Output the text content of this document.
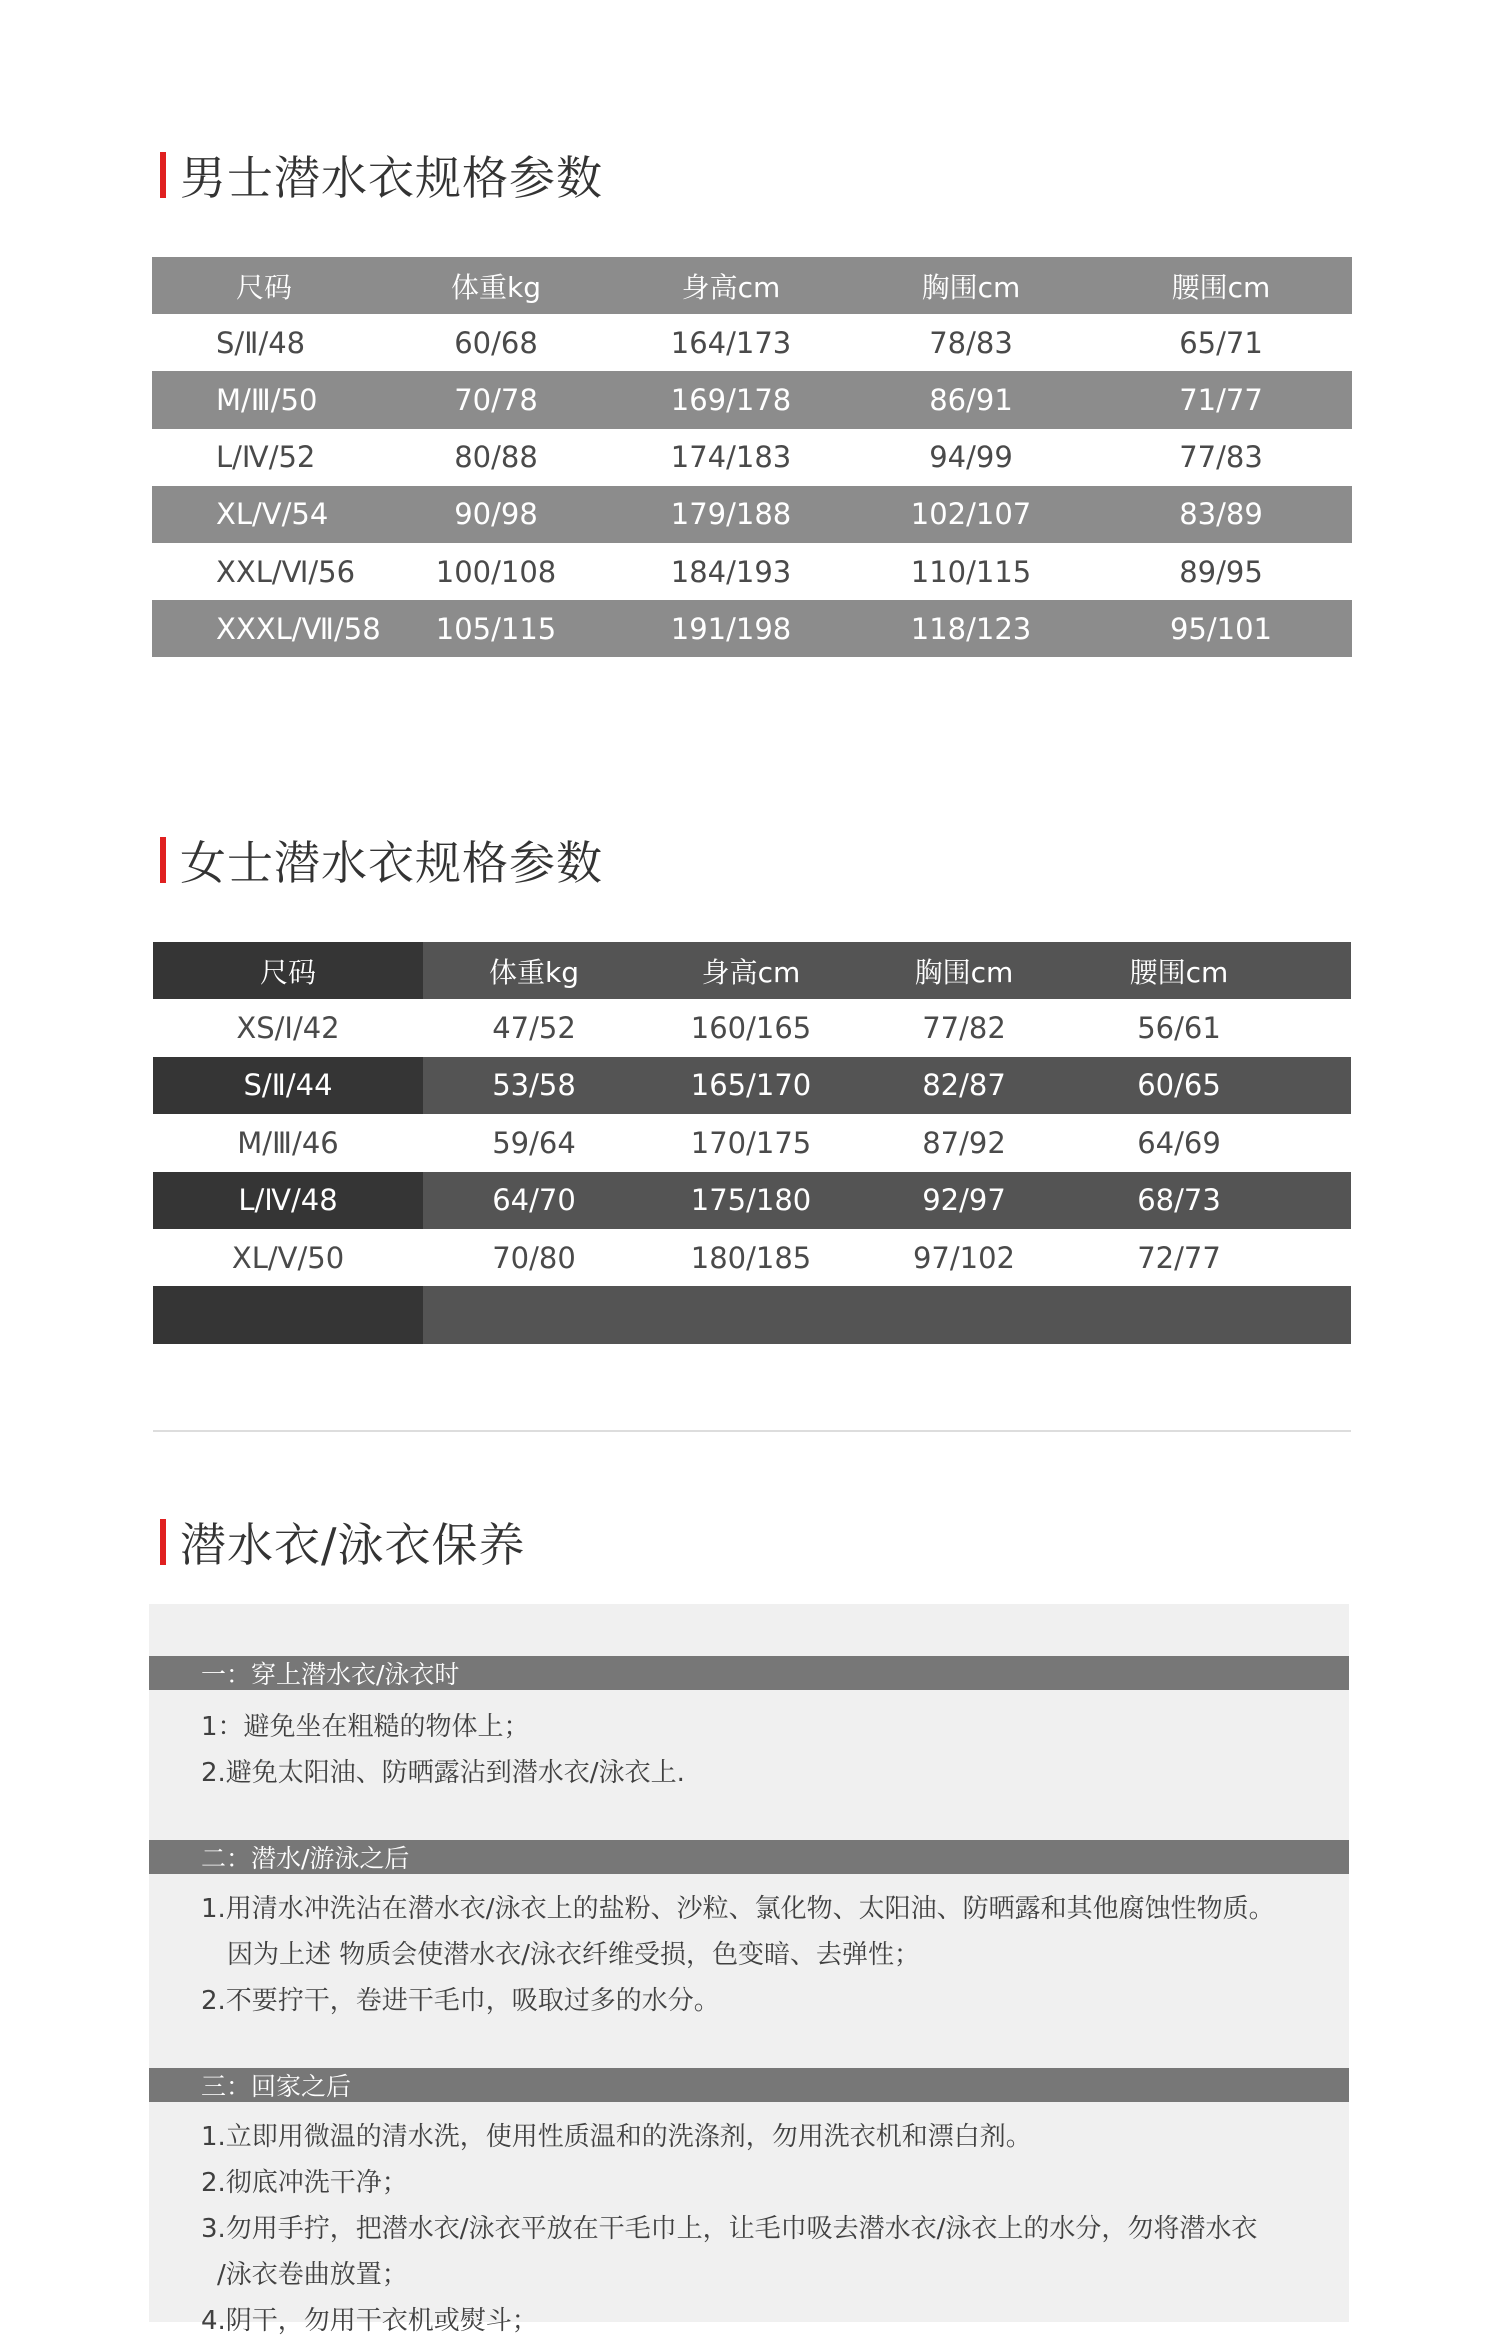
男士潜水衣规格参数
尺码	体重kg	身高cm	胸围cm	腰围cm
S/Ⅱ/48	60/68	164/173	78/83	65/71
M/Ⅲ/50	70/78	169/178	86/91	71/77
L/Ⅳ/52	80/88	174/183	94/99	77/83
XL/Ⅴ/54	90/98	179/188	102/107	83/89
XXL/Ⅵ/56	100/108	184/193	110/115	89/95
XXXL/Ⅶ/58	105/115	191/198	118/123	95/101
女士潜水衣规格参数
尺码	体重kg	身高cm	胸围cm	腰围cm
XS/Ⅰ/42	47/52	160/165	77/82	56/61
S/Ⅱ/44	53/58	165/170	82/87	60/65
M/Ⅲ/46	59/64	170/175	87/92	64/69
L/Ⅳ/48	64/70	175/180	92/97	68/73
XL/Ⅴ/50	70/80	180/185	97/102	72/77
潜水衣/泳衣保养
一：穿上潜水衣/泳衣时
1：避免坐在粗糙的物体上；
2.避免太阳油、防晒露沾到潜水衣/泳衣上.
二：潜水/游泳之后
1.用清水冲洗沾在潜水衣/泳衣上的盐粉、沙粒、氯化物、太阳油、防晒露和其他腐蚀性物质。
因为上述 物质会使潜水衣/泳衣纤维受损，色变暗、去弹性；
2.不要拧干，卷进干毛巾，吸取过多的水分。
三：回家之后
1.立即用微温的清水洗，使用性质温和的洗涤剂，勿用洗衣机和漂白剂。
2.彻底冲洗干净；
3.勿用手拧，把潜水衣/泳衣平放在干毛巾上，让毛巾吸去潜水衣/泳衣上的水分，勿将潜水衣
/泳衣卷曲放置；
4.阴干，勿用干衣机或熨斗；
